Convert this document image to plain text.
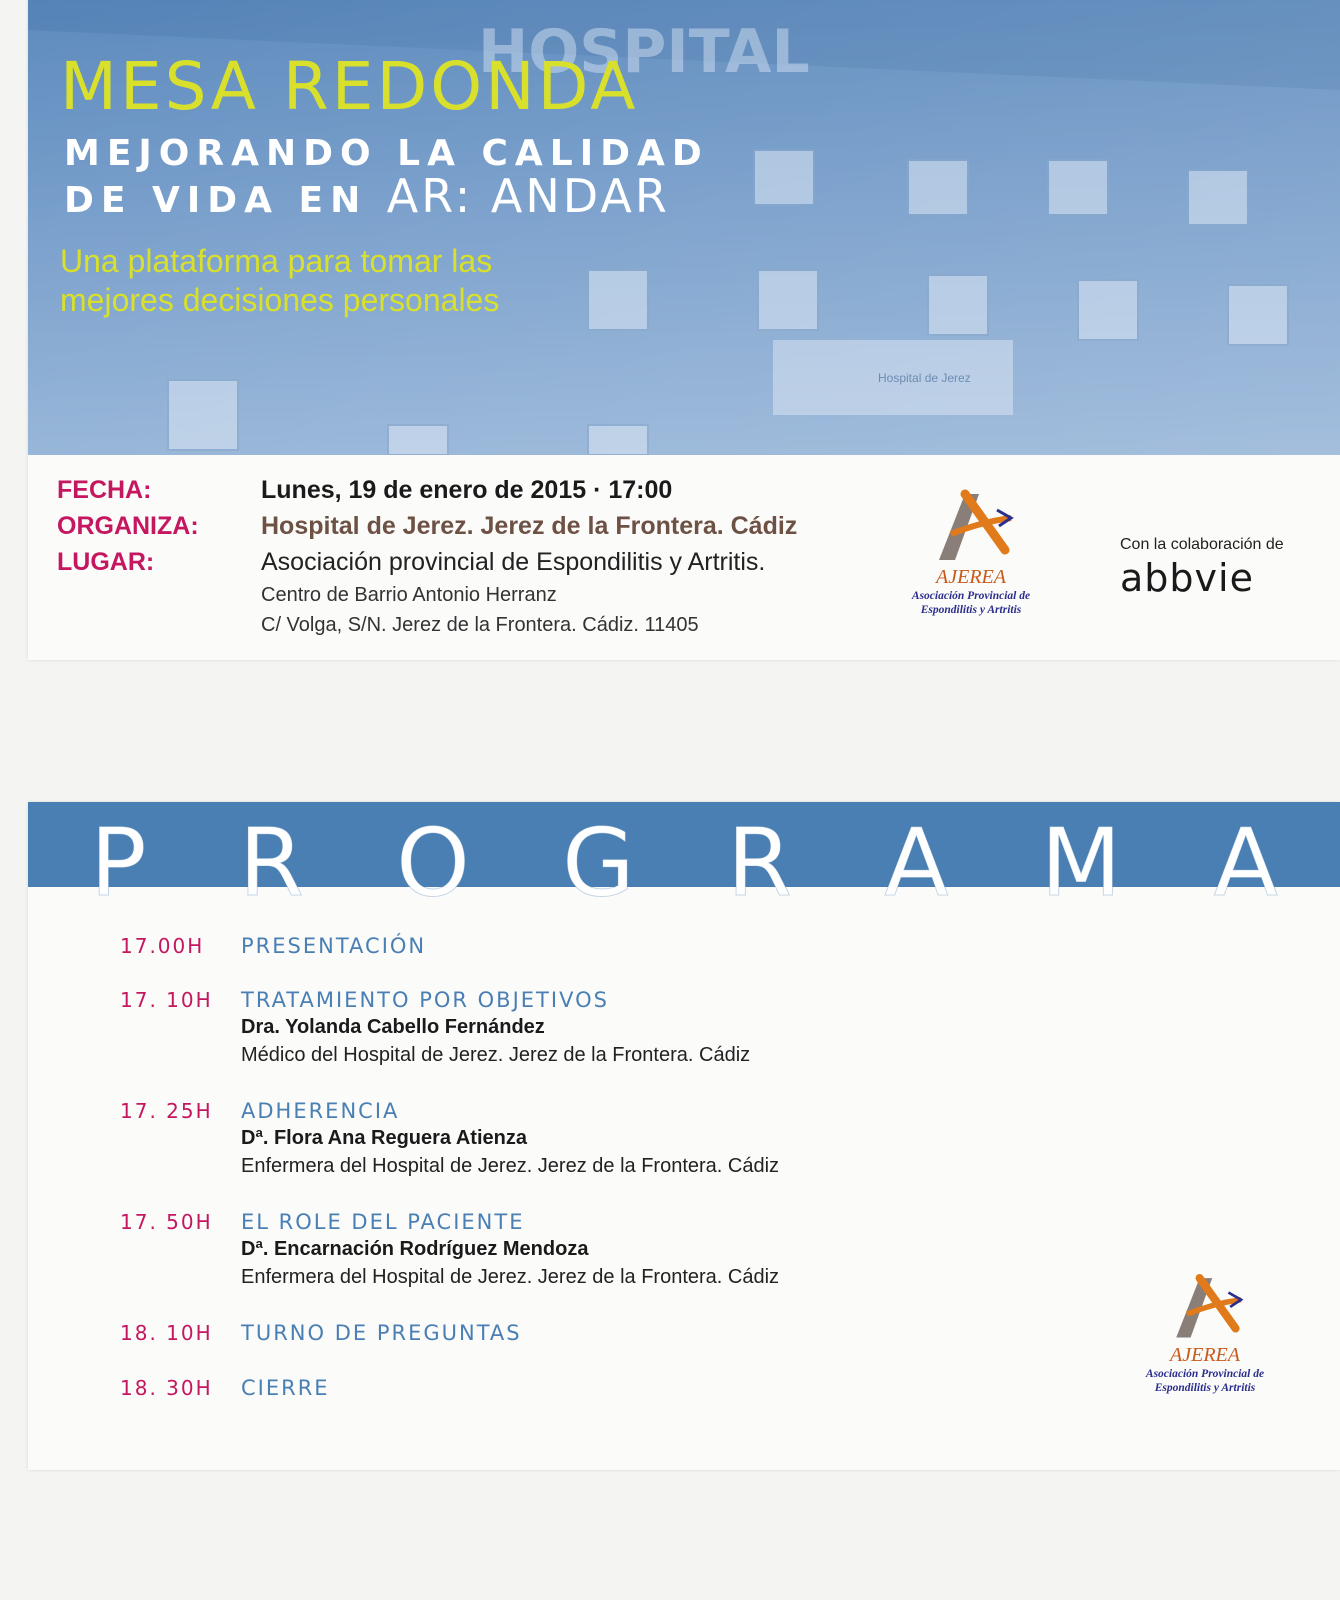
HOSPITAL
Hospital de Jerez
MESA REDONDA
MEJORANDO LA CALIDAD
DE VIDA EN AR: ANDAR
Una plataforma para tomar las
mejores decisiones personales
FECHA:	Lunes, 19 de enero de 2015 · 17:00
ORGANIZA:	Hospital de Jerez. Jerez de la Frontera. Cádiz
LUGAR:	Asociación provincial de Espondilitis y Artritis.
Centro de Barrio Antonio Herranz
C/ Volga, S/N. Jerez de la Frontera. Cádiz. 11405
AJEREA
Asociación Provincial de
Espondilitis y Artritis
Con la colaboración de
abbvie
P R O G R A M A
17.00H	PRESENTACIÓN
17. 10H	TRATAMIENTO POR OBJETIVOS
Dra. Yolanda Cabello Fernández
Médico del Hospital de Jerez. Jerez de la Frontera. Cádiz
17. 25H	ADHERENCIA
Dª. Flora Ana Reguera Atienza
Enfermera del Hospital de Jerez. Jerez de la Frontera. Cádiz
17. 50H	EL ROLE DEL PACIENTE
Dª. Encarnación Rodríguez Mendoza
Enfermera del Hospital de Jerez. Jerez de la Frontera. Cádiz
18. 10H	TURNO DE PREGUNTAS
18. 30H	CIERRE
AJEREA
Asociación Provincial de
Espondilitis y Artritis
